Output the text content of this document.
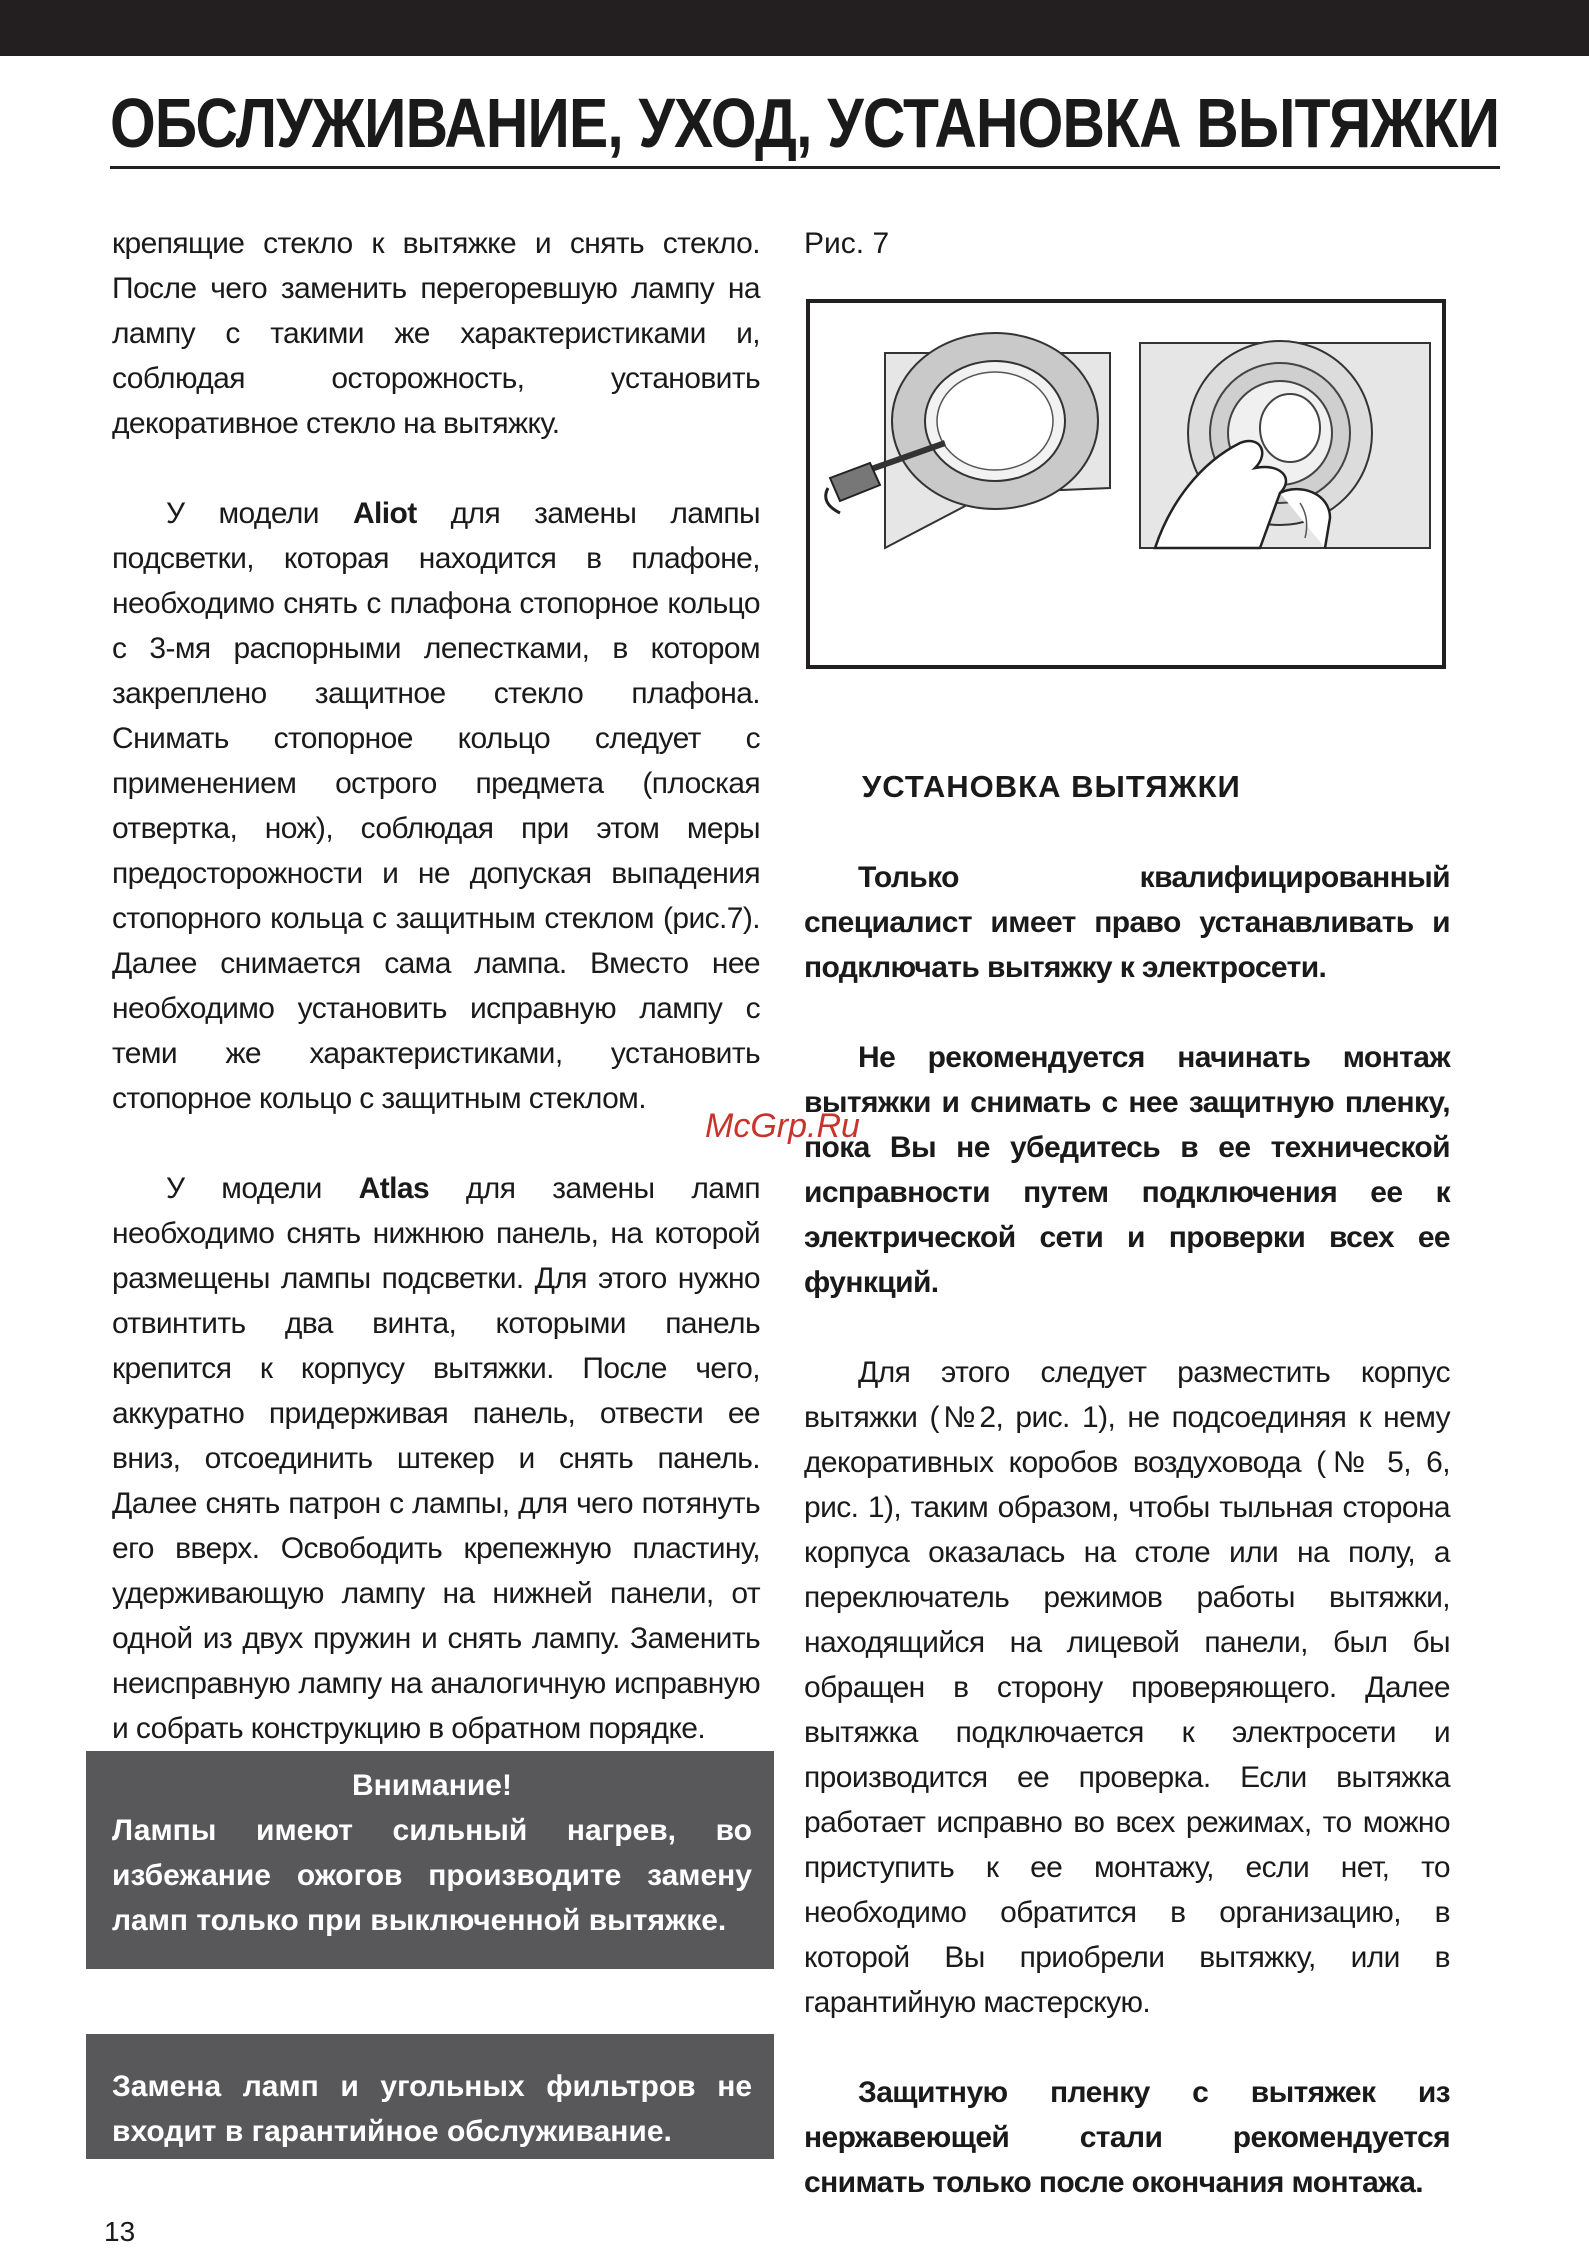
ОБСЛУЖИВАНИЕ, УХОД, УСТАНОВКА ВЫТЯЖКИ

крепящие стекло к вытяжке и снять стекло. После чего заменить перегоревшую лампу на лампу с такими же характеристиками и, соблюдая осторожность, установить декоративное стекло на вытяжку.

У модели Aliot для замены лампы подсветки, которая находится в плафоне, необходимо снять с плафона стопорное кольцо с 3-мя распорными лепестками, в котором закреплено защитное стекло плафона. Снимать стопорное кольцо следует с применением острого предмета (плоская отвертка, нож), соблюдая при этом меры предосторожности и не допуская выпадения стопорного кольца с защитным стеклом (рис.7). Далее снимается сама лампа. Вместо нее необходимо установить исправную лампу с теми же характеристиками, установить стопорное кольцо с защитным стеклом.

У модели Atlas для замены ламп необходимо снять нижнюю панель, на которой размещены лампы подсветки. Для этого нужно отвинтить два винта, которыми панель крепится к корпусу вытяжки. После чего, аккуратно придерживая панель, отвести ее вниз, отсоединить штекер и снять панель. Далее снять патрон с лампы, для чего потянуть его вверх. Освободить крепежную пластину, удерживающую лампу на нижней панели, от одной из двух пружин и снять лампу. Заменить неисправную лампу на аналогичную исправную и собрать конструкцию в обратном порядке.

Внимание!
Лампы имеют сильный нагрев, во избежание ожогов производите замену ламп только при выключенной вытяжке.
Замена ламп и угольных фильтров не входит в гарантийное обслуживание.
Рис. 7
УСТАНОВКА ВЫТЯЖКИ

Только квалифицированный специалист имеет право устанавливать и подключать вытяжку к электросети.

Не рекомендуется начинать монтаж вытяжки и снимать с нее защитную пленку, пока Вы не убедитесь в ее технической исправности путем подключения ее к электрической сети и проверки всех ее функций.

Для этого следует разместить корпус вытяжки (№2, рис. 1), не подсоединяя к нему декоративных коробов воздуховода (№ 5, 6, рис. 1), таким образом, чтобы тыльная сторона корпуса оказалась на столе или на полу, а переключатель режимов работы вытяжки, находящийся на лицевой панели, был бы обращен в сторону проверяющего. Далее вытяжка подключается к электросети и производится ее проверка. Если вытяжка работает исправно во всех режимах, то можно приступить к ее монтажу, если нет, то необходимо обратится в организацию, в которой Вы приобрели вытяжку, или в гарантийную мастерскую.

Защитную пленку с вытяжек из нержавеющей стали рекомендуется снимать только после окончания монтажа.

McGrp.Ru
13
